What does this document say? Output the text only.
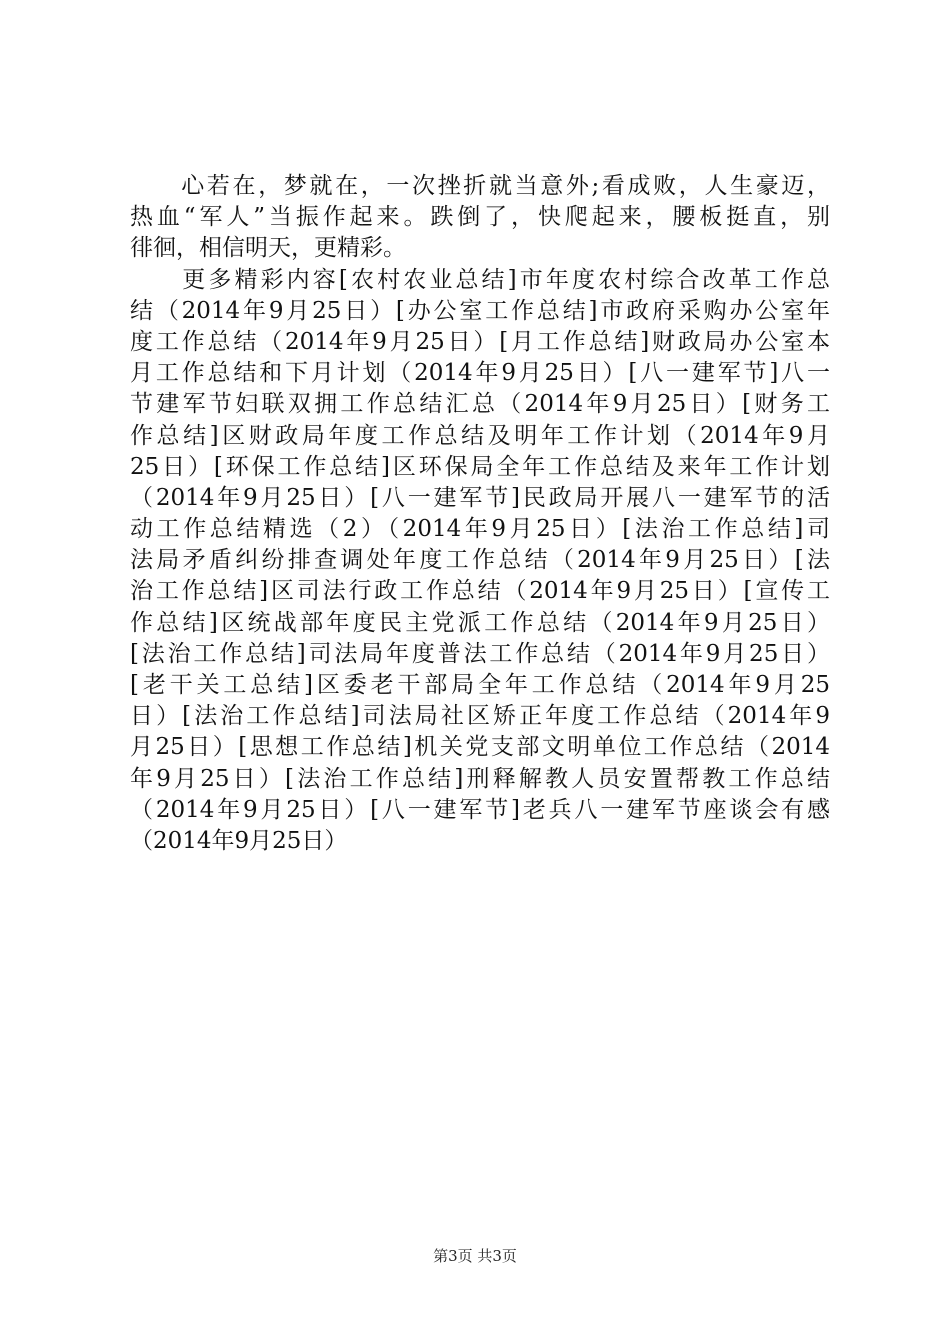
　　心若在，梦就在，一次挫折就当意外;看成败，人生豪迈，
热血“军人”当振作起来。跌倒了，快爬起来，腰板挺直，别
徘徊，相信明天，更精彩。
　　更多精彩内容[农村农业总结]市年度农村综合改革工作总
结（2014年9月25日）[办公室工作总结]市政府采购办公室年
度工作总结（2014年9月25日）[月工作总结]财政局办公室本
月工作总结和下月计划（2014年9月25日）[八一建军节]八一
节建军节妇联双拥工作总结汇总（2014年9月25日）[财务工
作总结]区财政局年度工作总结及明年工作计划（2014年9月
25日）[环保工作总结]区环保局全年工作总结及来年工作计划
（2014年9月25日）[八一建军节]民政局开展八一建军节的活
动工作总结精选（2）（2014年9月25日）[法治工作总结]司
法局矛盾纠纷排查调处年度工作总结（2014年9月25日）[法
治工作总结]区司法行政工作总结（2014年9月25日）[宣传工
作总结]区统战部年度民主党派工作总结（2014年9月25日）
[法治工作总结]司法局年度普法工作总结（2014年9月25日）
[老干关工总结]区委老干部局全年工作总结（2014年9月25
日）[法治工作总结]司法局社区矫正年度工作总结（2014年9
月25日）[思想工作总结]机关党支部文明单位工作总结（2014
年9月25日）[法治工作总结]刑释解教人员安置帮教工作总结
（2014年9月25日）[八一建军节]老兵八一建军节座谈会有感
（2014年9月25日）
第3页 共3页
